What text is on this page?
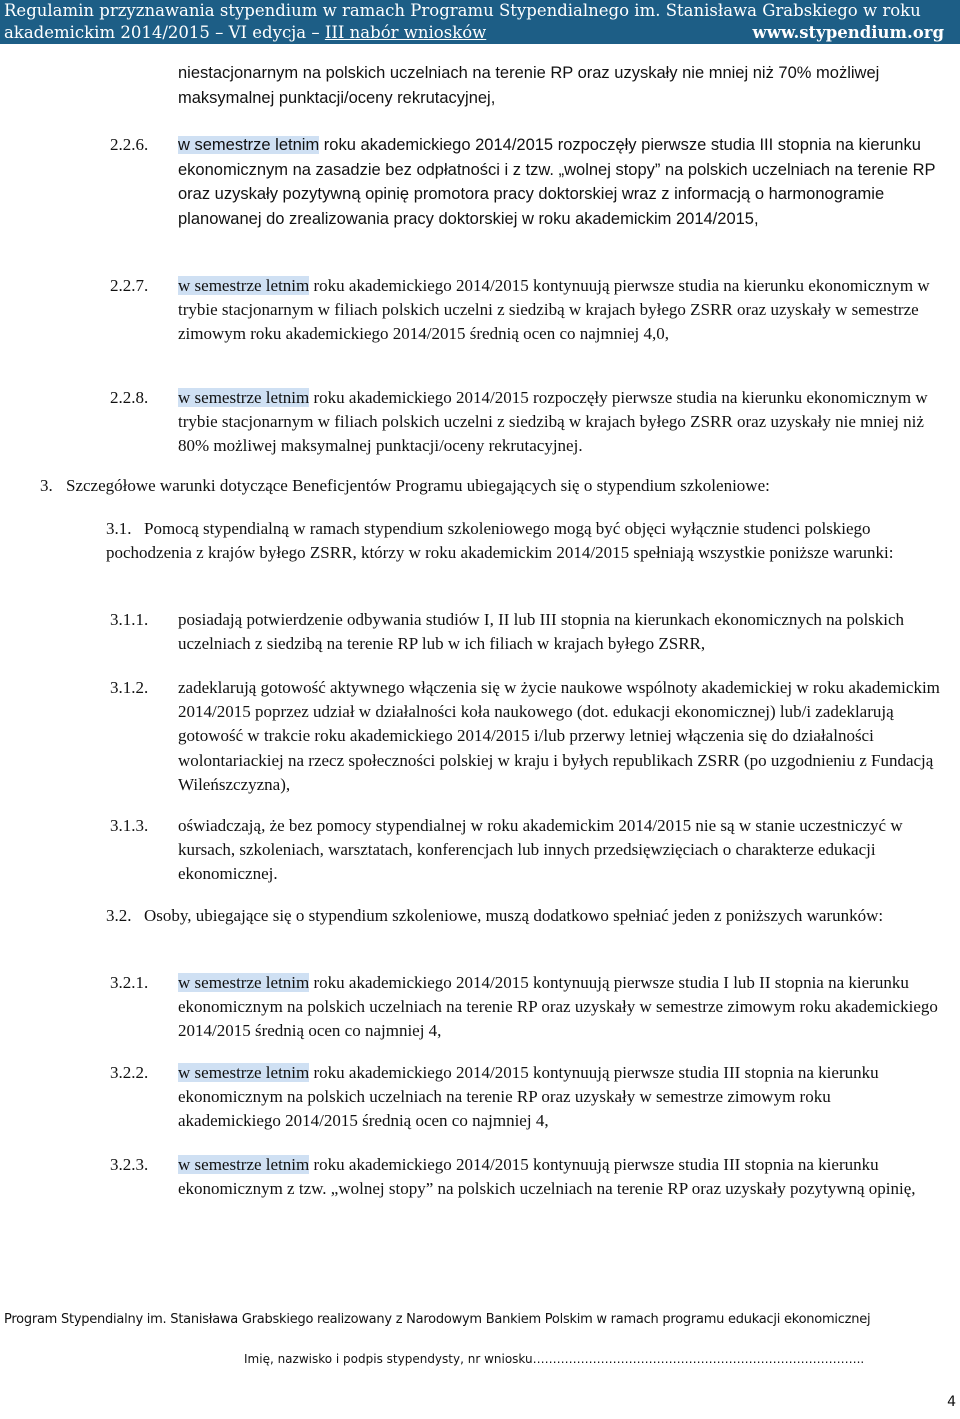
Regulamin przyznawania stypendium w ramach Programu Stypendialnego im. Stanisława Grabskiego w roku
akademickim 2014/2015 – VI edycja – III nabór wniosków	www.stypendium.org
niestacjonarnym na polskich uczelniach na terenie RP oraz uzyskały nie mniej niż 70% możliwej maksymalnej punktacji/oceny rekrutacyjnej,
2.2.6. w semestrze letnim roku akademickiego 2014/2015 rozpoczęły pierwsze studia III stopnia na kierunku ekonomicznym na zasadzie bez odpłatności i z tzw. „wolnej stopy” na polskich uczelniach na terenie RP oraz uzyskały pozytywną opinię promotora pracy doktorskiej wraz z informacją o harmonogramie planowanej do zrealizowania pracy doktorskiej w roku akademickim 2014/2015,
2.2.7. w semestrze letnim roku akademickiego 2014/2015 kontynuują pierwsze studia na kierunku ekonomicznym w trybie stacjonarnym w filiach polskich uczelni z siedzibą w krajach byłego ZSRR oraz uzyskały w semestrze zimowym roku akademickiego 2014/2015 średnią ocen co najmniej 4,0,
2.2.8. w semestrze letnim roku akademickiego 2014/2015 rozpoczęły pierwsze studia na kierunku ekonomicznym w trybie stacjonarnym w filiach polskich uczelni z siedzibą w krajach byłego ZSRR oraz uzyskały nie mniej niż 80% możliwej maksymalnej punktacji/oceny rekrutacyjnej.
3. Szczegółowe warunki dotyczące Beneficjentów Programu ubiegających się o stypendium szkoleniowe:
3.1. Pomocą stypendialną w ramach stypendium szkoleniowego mogą być objęci wyłącznie studenci polskiego pochodzenia z krajów byłego ZSRR, którzy w roku akademickim 2014/2015 spełniają wszystkie poniższe warunki:
3.1.1. posiadają potwierdzenie odbywania studiów I, II lub III stopnia na kierunkach ekonomicznych na polskich uczelniach z siedzibą na terenie RP lub w ich filiach w krajach byłego ZSRR,
3.1.2. zadeklarują gotowość aktywnego włączenia się w życie naukowe wspólnoty akademickiej w roku akademickim 2014/2015 poprzez udział w działalności koła naukowego (dot. edukacji ekonomicznej) lub/i zadeklarują gotowość w trakcie roku akademickiego 2014/2015 i/lub przerwy letniej włączenia się do działalności wolontariackiej na rzecz społeczności polskiej w kraju i byłych republikach ZSRR (po uzgodnieniu z Fundacją Wileńszczyzna),
3.1.3. oświadczają, że bez pomocy stypendialnej w roku akademickim 2014/2015 nie są w stanie uczestniczyć w kursach, szkoleniach, warsztatach, konferencjach lub innych przedsięwzięciach o charakterze edukacji ekonomicznej.
3.2. Osoby, ubiegające się o stypendium szkoleniowe, muszą dodatkowo spełniać jeden z poniższych warunków:
3.2.1. w semestrze letnim roku akademickiego 2014/2015 kontynuują pierwsze studia I lub II stopnia na kierunku ekonomicznym na polskich uczelniach na terenie RP oraz uzyskały w semestrze zimowym roku akademickiego 2014/2015 średnią ocen co najmniej 4,
3.2.2. w semestrze letnim roku akademickiego 2014/2015 kontynuują pierwsze studia III stopnia na kierunku ekonomicznym na polskich uczelniach na terenie RP oraz uzyskały w semestrze zimowym roku akademickiego 2014/2015 średnią ocen co najmniej 4,
3.2.3. w semestrze letnim roku akademickiego 2014/2015 kontynuują pierwsze studia III stopnia na kierunku ekonomicznym z tzw. „wolnej stopy” na polskich uczelniach na terenie RP oraz uzyskały pozytywną opinię,
Program Stypendialny im. Stanisława Grabskiego realizowany z Narodowym Bankiem Polskim w ramach programu edukacji ekonomicznej
Imię, nazwisko i podpis stypendysty, nr wniosku………………………………………………………………………..
4
